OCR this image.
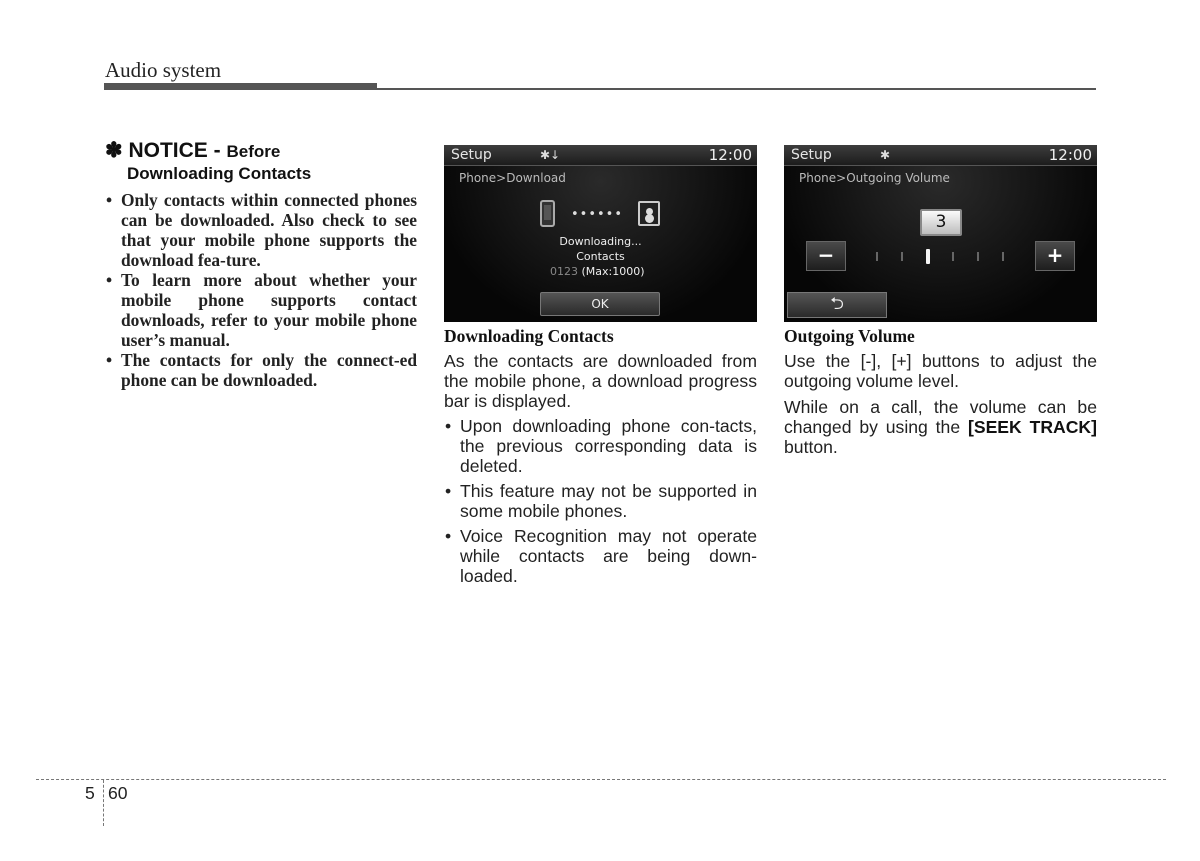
Audio system
✽ NOTICE - Before
Downloading Contacts
• Only contacts within connected phones can be downloaded. Also check to see that your mobile phone supports the download fea-ture.
• To learn more about whether your mobile phone supports contact downloads, refer to your mobile phone user’s manual.
• The contacts for only the connect-ed phone can be downloaded.
Setup	✱↓	12:00
Phone>Download
••••••
Downloading...
Contacts
0123 (Max:1000)
OK
Setup	✱	12:00
Phone>Outgoing Volume
3
−	+
⮌
Downloading Contacts

As the contacts are downloaded from the mobile phone, a download progress bar is displayed.

• Upon downloading phone con-tacts, the previous corresponding data is deleted.
• This feature may not be supported in some mobile phones.
• Voice Recognition may not operate while contacts are being down-loaded.
Outgoing Volume

Use the [-], [+] buttons to adjust the outgoing volume level.

While on a call, the volume can be changed by using the [SEEK TRACK] button.

5 60
